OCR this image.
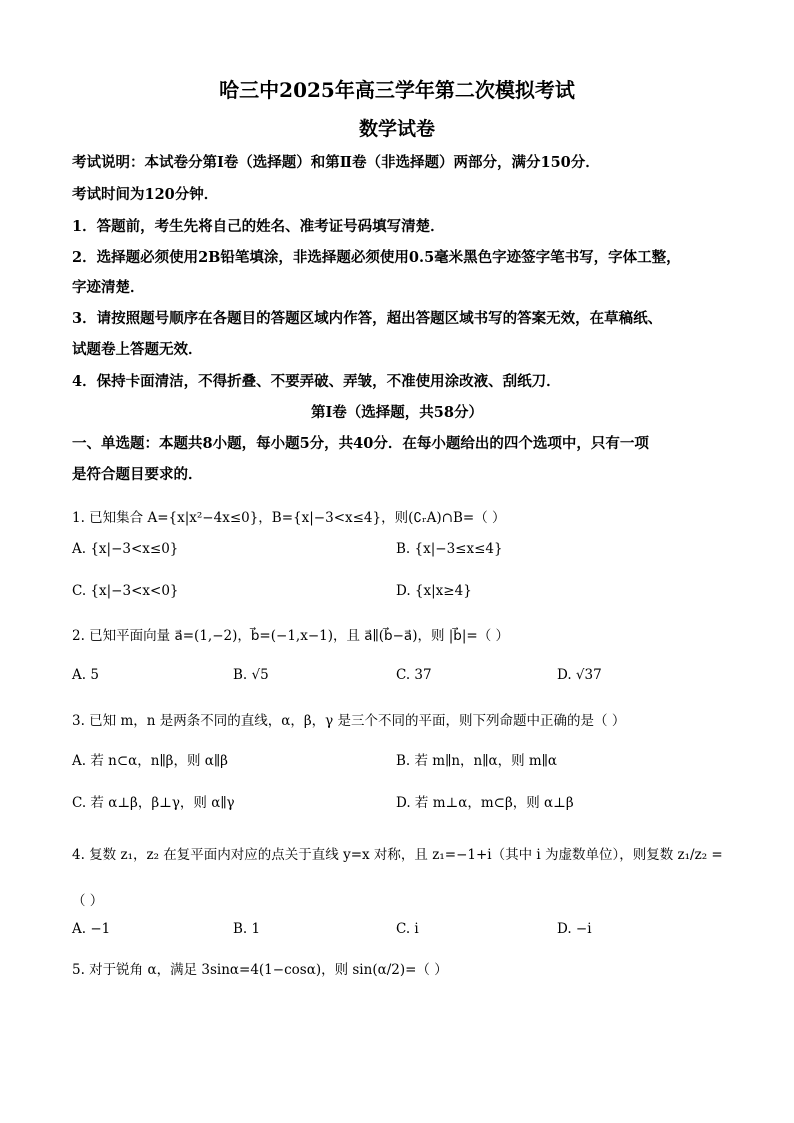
哈三中2025年高三学年第二次模拟考试
数学试卷
考试说明：本试卷分第Ⅰ卷（选择题）和第Ⅱ卷（非选择题）两部分，满分150分．
考试时间为120分钟．
1．答题前，考生先将自己的姓名、准考证号码填写清楚．
2．选择题必须使用2B铅笔填涂，非选择题必须使用0.5毫米黑色字迹签字笔书写，字体工整，
字迹清楚．
3．请按照题号顺序在各题目的答题区域内作答，超出答题区域书写的答案无效，在草稿纸、
试题卷上答题无效．
4．保持卡面清洁，不得折叠、不要弄破、弄皱，不准使用涂改液、刮纸刀．
第Ⅰ卷（选择题，共58分）
一、单选题：本题共8小题，每小题5分，共40分．在每小题给出的四个选项中，只有一项
是符合题目要求的．
1. 已知集合 A={x|x²−4x≤0}，B={x|−3<x≤4}，则(∁ᵣA)∩B=（ ）
A. {x|−3<x≤0}	B. {x|−3≤x≤4}
C. {x|−3<x<0}	D. {x|x≥4}
2. 已知平面向量 a⃗=(1,−2)，b⃗=(−1,x−1)，且 a⃗∥(b⃗−a⃗)，则 |b⃗|=（ ）
A. 5	B. √5	C. 37	D. √37
3. 已知 m，n 是两条不同的直线，α，β，γ 是三个不同的平面，则下列命题中正确的是（ ）
A. 若 n⊂α，n∥β，则 α∥β	B. 若 m∥n，n∥α，则 m∥α
C. 若 α⊥β，β⊥γ，则 α∥γ	D. 若 m⊥α，m⊂β，则 α⊥β
4. 复数 z₁，z₂ 在复平面内对应的点关于直线 y=x 对称，且 z₁=−1+i（其中 i 为虚数单位），则复数 z₁/z₂ =
（ ）
A. −1	B. 1	C. i	D. −i
5. 对于锐角 α，满足 3sinα=4(1−cosα)，则 sin(α/2)=（ ）
